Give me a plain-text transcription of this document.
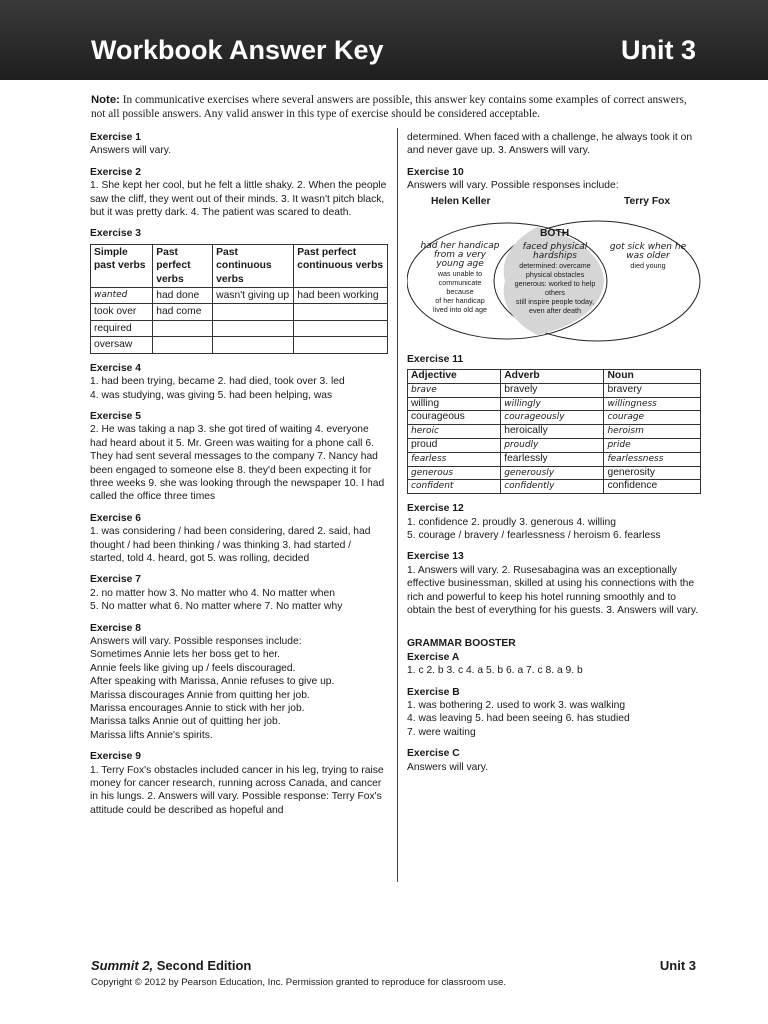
Workbook Answer Key	Unit 3
Note: In communicative exercises where several answers are possible, this answer key contains some examples of correct answers, not all possible answers. Any valid answer in this type of exercise should be considered acceptable.
Exercise 1

Answers will vary.

Exercise 2

1. She kept her cool, but he felt a little shaky. 2. When the people saw the cliff, they went out of their minds. 3. It wasn't pitch black, but it was pretty dark. 4. The patient was scared to death.

Exercise 3
Simple past verbs	Past perfect verbs	Past continuous verbs	Past perfect continuous verbs
wanted	had done	wasn't giving up	had been working
took over	had come		
required			
oversaw			
Exercise 4

1. had been trying, became 2. had died, took over 3. led

4. was studying, was giving 5. had been helping, was

Exercise 5

2. He was taking a nap 3. she got tired of waiting 4. everyone had heard about it 5. Mr. Green was waiting for a phone call 6. They had sent several messages to the company 7. Nancy had been engaged to someone else 8. they'd been expecting it for three weeks 9. she was looking through the newspaper 10. I had called the office three times

Exercise 6

1. was considering / had been considering, dared 2. said, had thought / had been thinking / was thinking 3. had started / started, told 4. heard, got 5. was rolling, decided

Exercise 7

2. no matter how 3. No matter who 4. No matter when

5. No matter what 6. No matter where 7. No matter why

Exercise 8

Answers will vary. Possible responses include:

Sometimes Annie lets her boss get to her.

Annie feels like giving up / feels discouraged.

After speaking with Marissa, Annie refuses to give up.

Marissa discourages Annie from quitting her job.

Marissa encourages Annie to stick with her job.

Marissa talks Annie out of quitting her job.

Marissa lifts Annie's spirits.

Exercise 9

1. Terry Fox's obstacles included cancer in his leg, trying to raise money for cancer research, running across Canada, and cancer in his lungs. 2. Answers will vary. Possible response: Terry Fox's attitude could be described as hopeful and

determined. When faced with a challenge, he always took it on and never gave up. 3. Answers will vary.

Exercise 10

Answers will vary. Possible responses include:

Helen Keller	Terry Fox
BOTH
had her handicap
from a very
young age
was unable to
communicate
because
of her handicap
lived into old age
faced physical
hardships
determined: overcame
physical obstacles
generous: worked to help
others
still inspire people today,
even after death
got sick when he
was older
died young
Exercise 11
Adjective	Adverb	Noun
brave	bravely	bravery
willing	willingly	willingness
courageous	courageously	courage
heroic	heroically	heroism
proud	proudly	pride
fearless	fearlessly	fearlessness
generous	generously	generosity
confident	confidently	confidence
Exercise 12

1. confidence 2. proudly 3. generous 4. willing

5. courage / bravery / fearlessness / heroism 6. fearless

Exercise 13

1. Answers will vary. 2. Rusesabagina was an exceptionally effective businessman, skilled at using his connections with the rich and powerful to keep his hotel running smoothly and to obtain the best of everything for his guests. 3. Answers will vary.

GRAMMAR BOOSTER
Exercise A

1. c 2. b 3. c 4. a 5. b 6. a 7. c 8. a 9. b

Exercise B

1. was bothering 2. used to work 3. was walking

4. was leaving 5. had been seeing 6. has studied

7. were waiting

Exercise C

Answers will vary.

Summit 2, Second Edition	Unit 3
Copyright © 2012 by Pearson Education, Inc. Permission granted to reproduce for classroom use.
